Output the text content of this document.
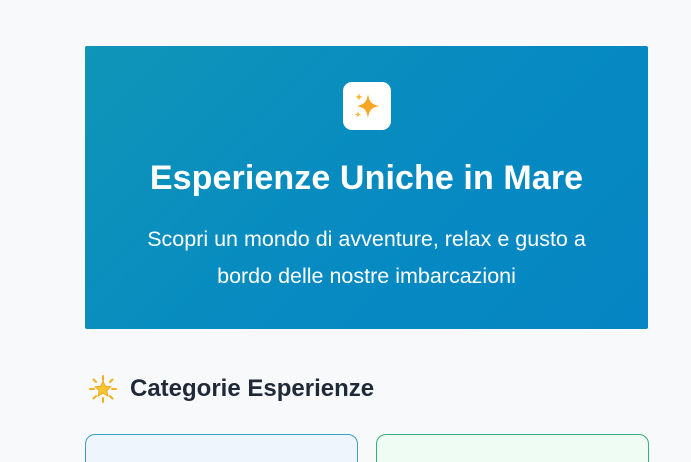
Esperienze Uniche in Mare

Scopri un mondo di avventure, relax e gusto a
bordo delle nostre imbarcazioni

Categorie Esperienze
